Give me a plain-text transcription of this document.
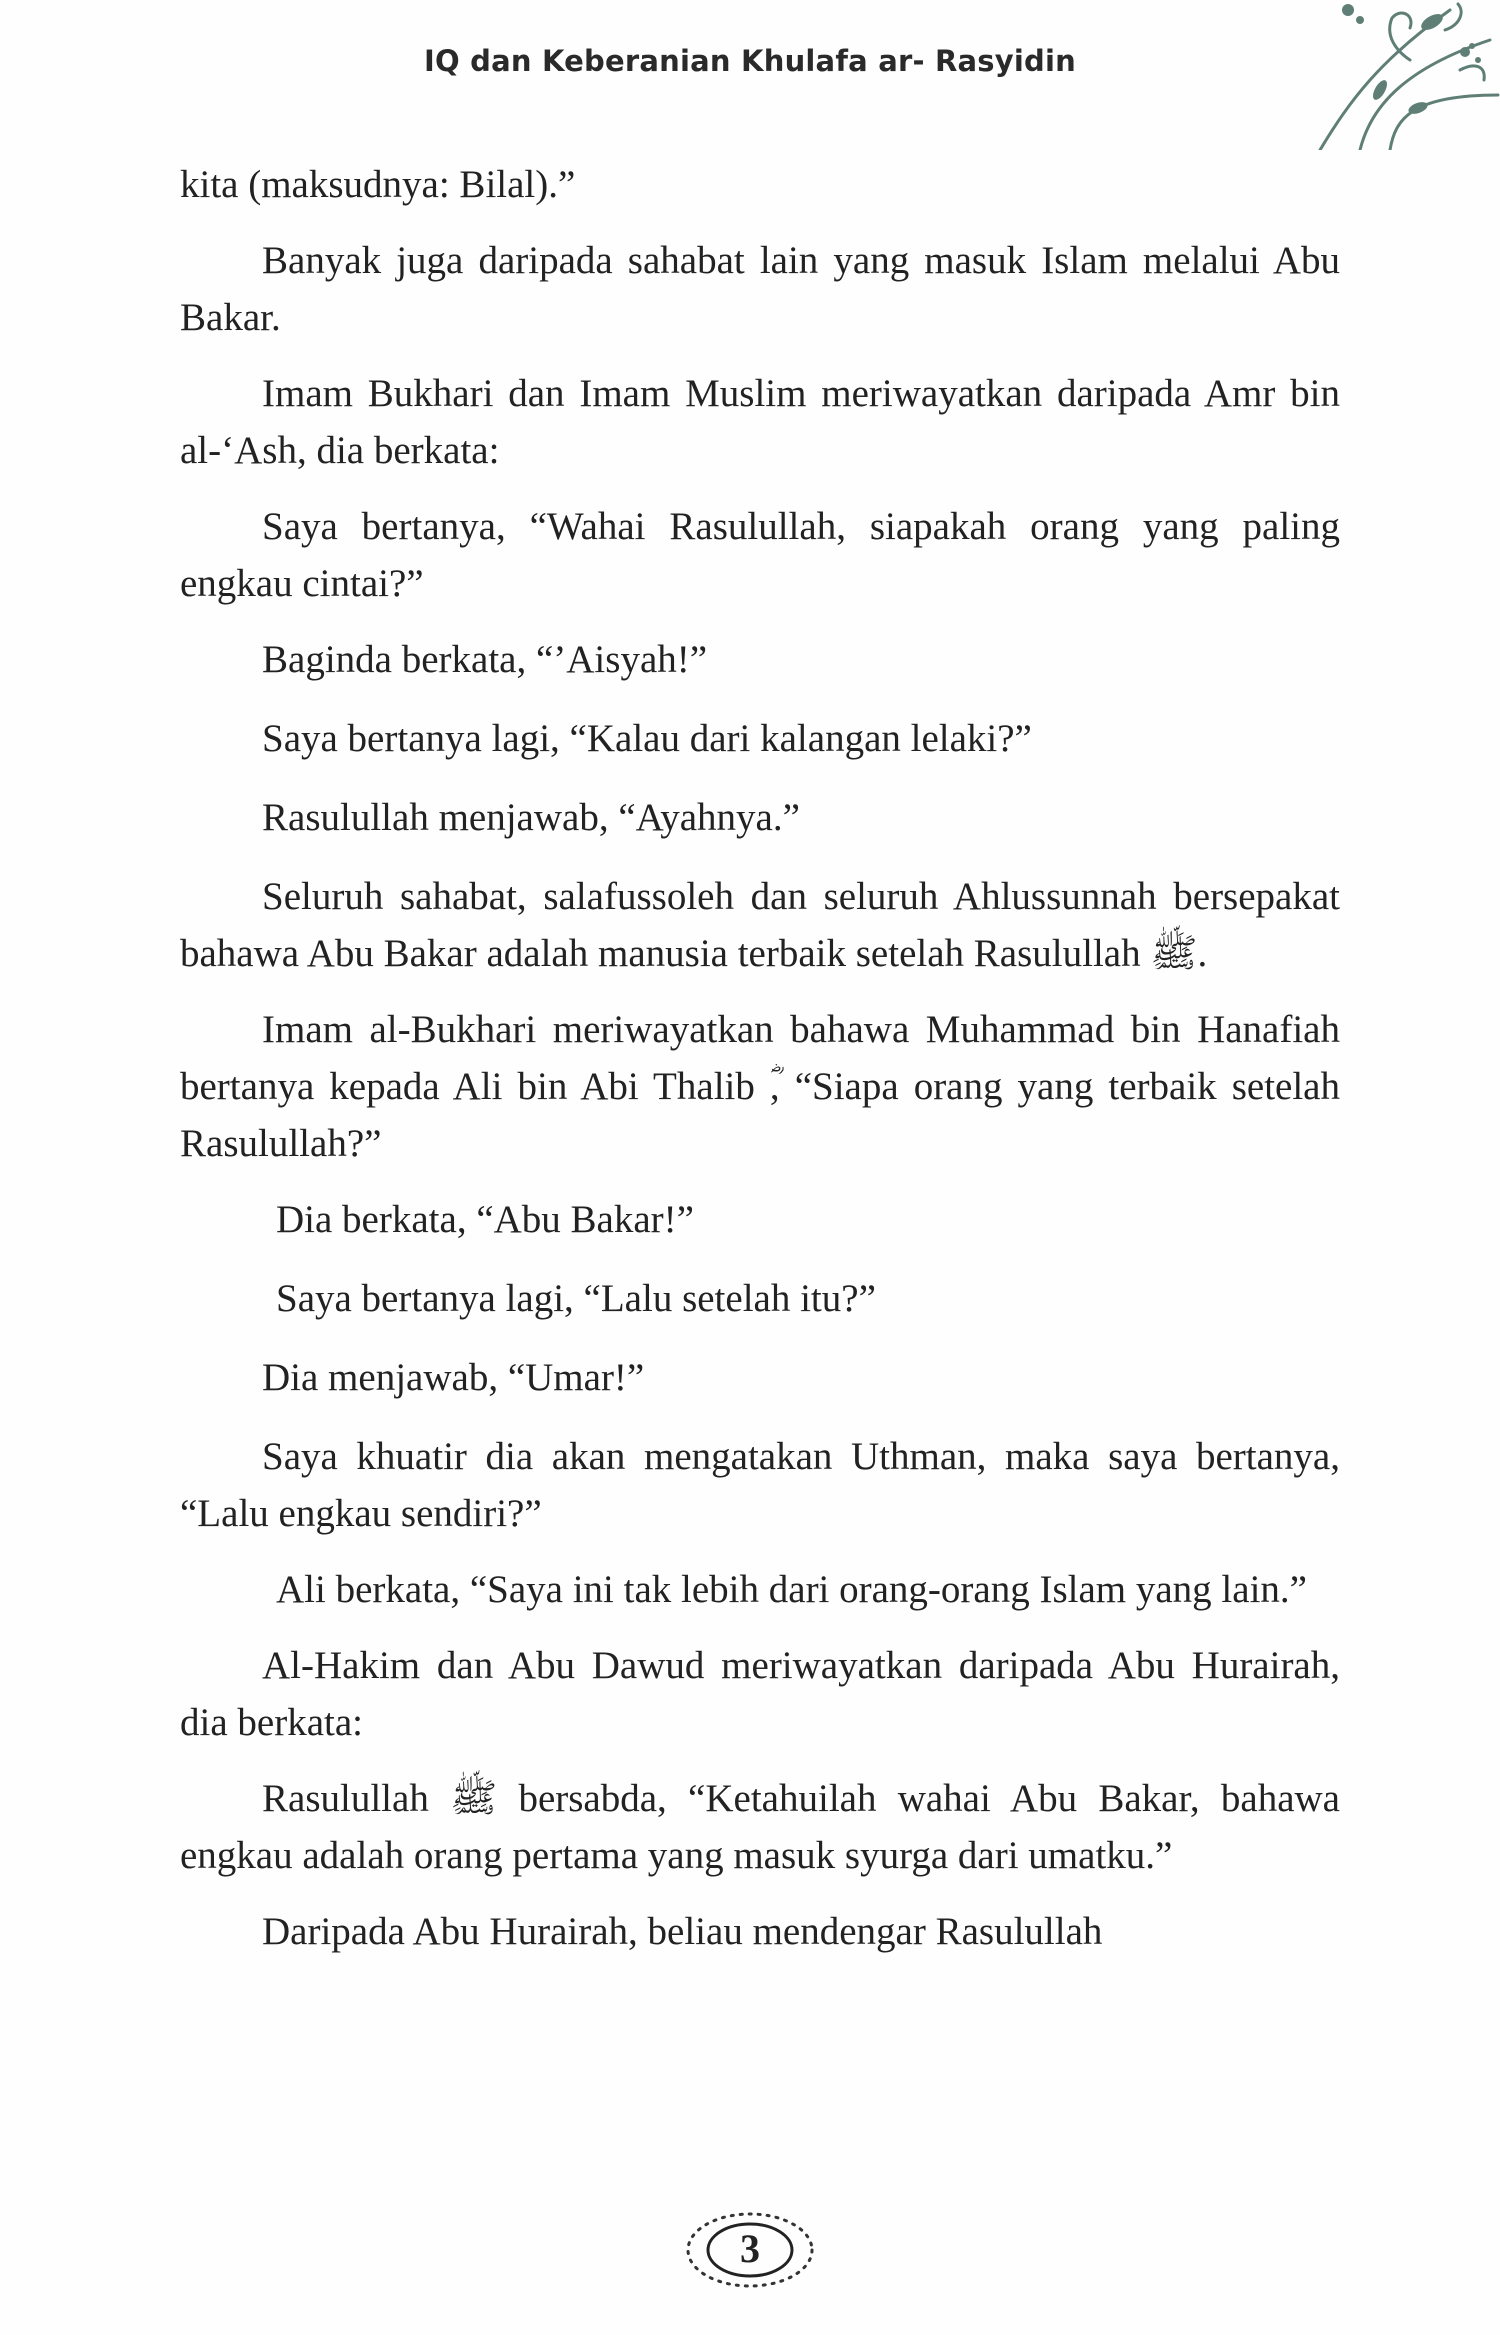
IQ dan Keberanian Khulafa ar- Rasyidin

kita (maksudnya: Bilal).”

Banyak juga daripada sahabat lain yang masuk Islam melalui Abu Bakar.

Imam Bukhari dan Imam Muslim meriwayatkan daripada Amr bin al-‘Ash, dia berkata:

Saya bertanya, “Wahai Rasulullah, siapakah orang yang paling engkau cintai?”

Baginda berkata, “’Aisyah!”

Saya bertanya lagi, “Kalau dari kalangan lelaki?”

Rasulullah menjawab, “Ayahnya.”

Seluruh sahabat, salafussoleh dan seluruh Ahlussunnah bersepakat bahawa Abu Bakar adalah manusia terbaik setelah Rasulullah ﷺ.

Imam al-Bukhari meriwayatkan bahawa Muhammad bin Hanafiah bertanya kepada Ali bin Abi Thalib ؓ, “Siapa orang yang terbaik setelah Rasulullah?”

Dia berkata, “Abu Bakar!”

Saya bertanya lagi, “Lalu setelah itu?”

Dia menjawab, “Umar!”

Saya khuatir dia akan mengatakan Uthman, maka saya bertanya, “Lalu engkau sendiri?”

Ali berkata, “Saya ini tak lebih dari orang-orang Islam yang lain.”

Al-Hakim dan Abu Dawud meriwayatkan daripada Abu Hurairah, dia berkata:

Rasulullah ﷺ bersabda, “Ketahuilah wahai Abu Bakar, bahawa engkau adalah orang pertama yang masuk syurga dari umatku.”

Daripada Abu Hurairah, beliau mendengar Rasulullah

3
